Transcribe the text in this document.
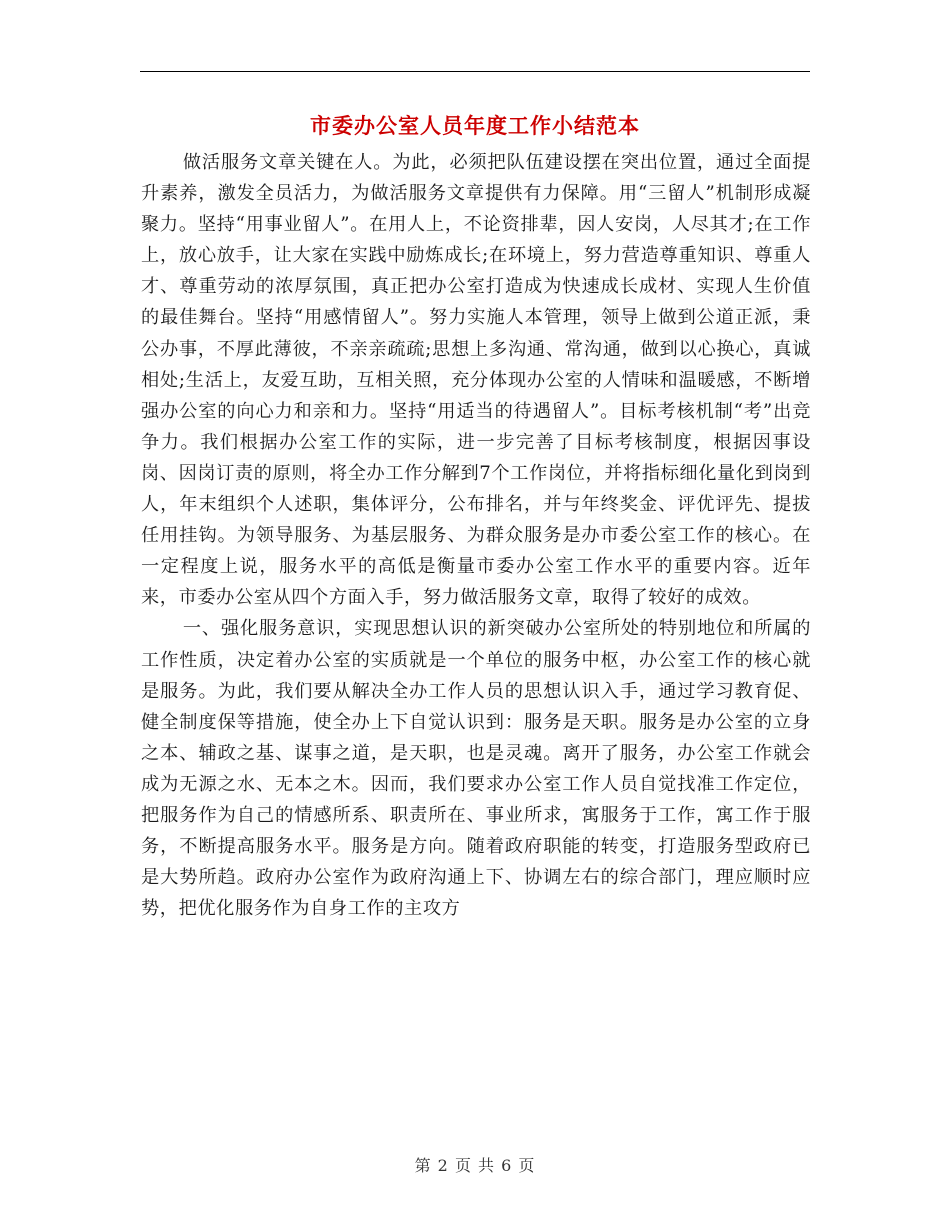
市委办公室人员年度工作小结范本

做活服务文章关键在人。为此，必须把队伍建设摆在突出位置，通过全面提升素养，激发全员活力，为做活服务文章提供有力保障。用“三留人”机制形成凝聚力。坚持“用事业留人”。在用人上，不论资排辈，因人安岗，人尽其才;在工作上，放心放手，让大家在实践中励炼成长;在环境上，努力营造尊重知识、尊重人才、尊重劳动的浓厚氛围，真正把办公室打造成为快速成长成材、实现人生价值的最佳舞台。坚持“用感情留人”。努力实施人本管理，领导上做到公道正派，秉公办事，不厚此薄彼，不亲亲疏疏;思想上多沟通、常沟通，做到以心换心，真诚相处;生活上，友爱互助，互相关照，充分体现办公室的人情味和温暖感，不断增强办公室的向心力和亲和力。坚持“用适当的待遇留人”。目标考核机制“考”出竞争力。我们根据办公室工作的实际，进一步完善了目标考核制度，根据因事设岗、因岗订责的原则，将全办工作分解到7个工作岗位，并将指标细化量化到岗到人，年末组织个人述职，集体评分，公布排名，并与年终奖金、评优评先、提拔任用挂钩。为领导服务、为基层服务、为群众服务是办市委公室工作的核心。在一定程度上说，服务水平的高低是衡量市委办公室工作水平的重要内容。近年来，市委办公室从四个方面入手，努力做活服务文章，取得了较好的成效。

一、强化服务意识，实现思想认识的新突破办公室所处的特别地位和所属的工作性质，决定着办公室的实质就是一个单位的服务中枢，办公室工作的核心就是服务。为此，我们要从解决全办工作人员的思想认识入手，通过学习教育促、健全制度保等措施，使全办上下自觉认识到：服务是天职。服务是办公室的立身之本、辅政之基、谋事之道，是天职，也是灵魂。离开了服务，办公室工作就会成为无源之水、无本之木。因而，我们要求办公室工作人员自觉找准工作定位，把服务作为自己的情感所系、职责所在、事业所求，寓服务于工作，寓工作于服务，不断提高服务水平。服务是方向。随着政府职能的转变，打造服务型政府已是大势所趋。政府办公室作为政府沟通上下、协调左右的综合部门，理应顺时应势，把优化服务作为自身工作的主攻方

第 2 页 共 6 页
